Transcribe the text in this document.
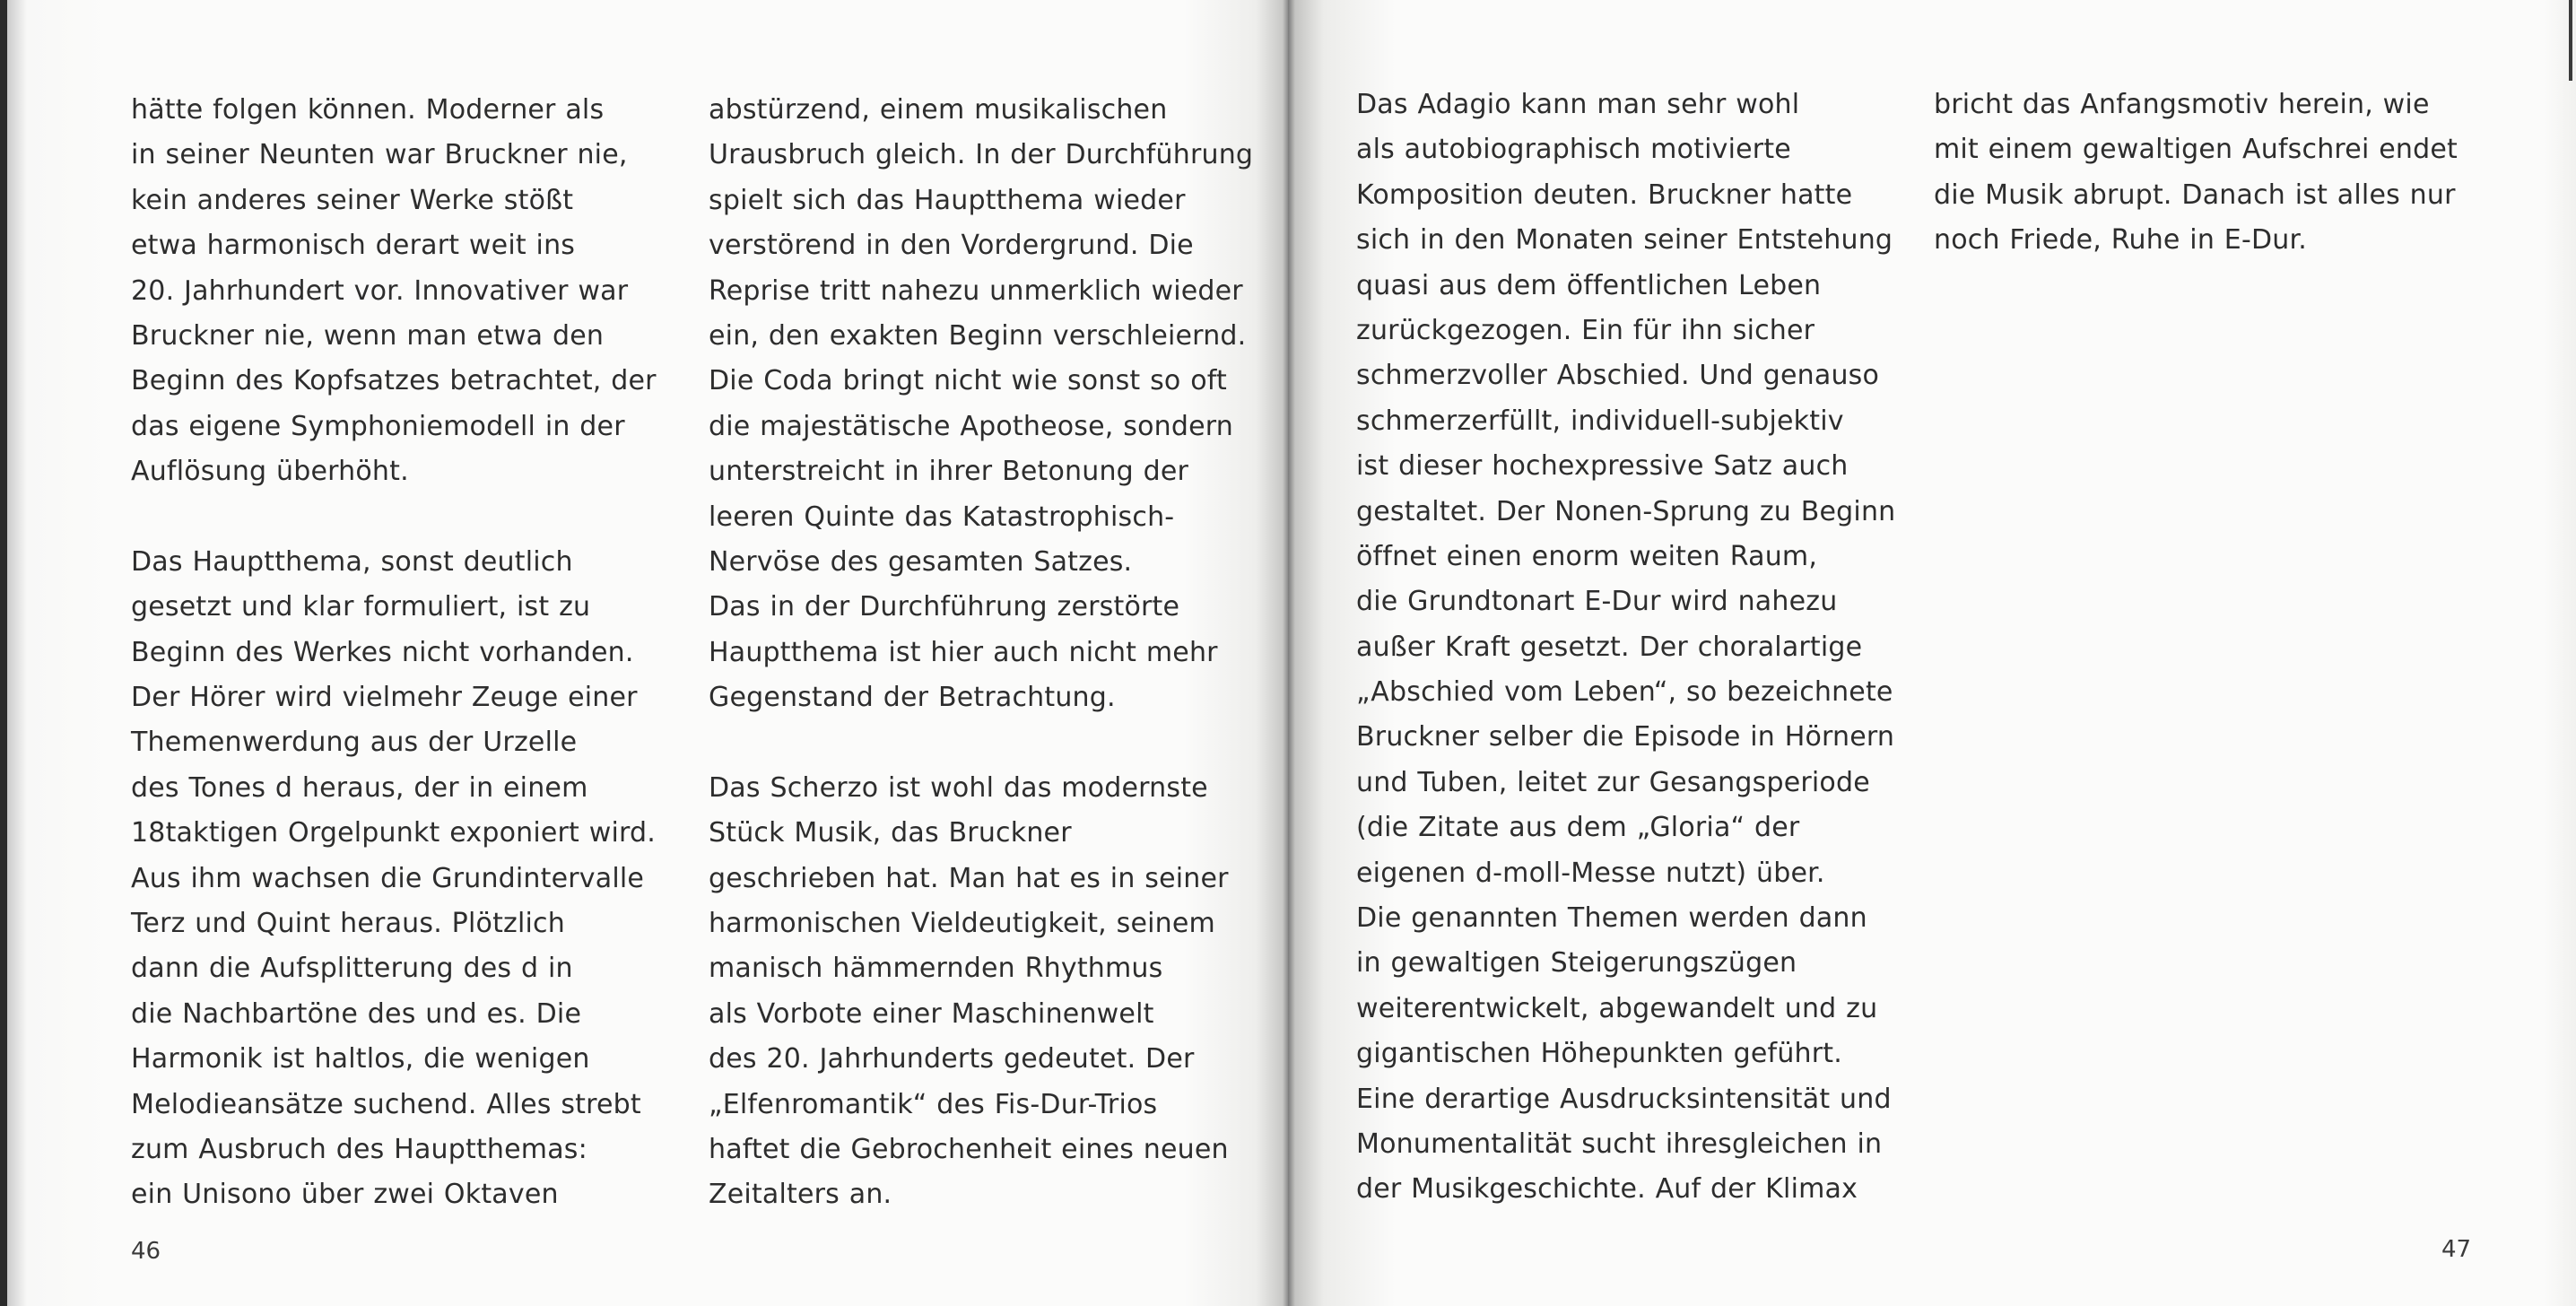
hätte folgen können. Moderner als
in seiner Neunten war Bruckner nie,
kein anderes seiner Werke stößt
etwa harmonisch derart weit ins
20. Jahrhundert vor. Innovativer war
Bruckner nie, wenn man etwa den
Beginn des Kopfsatzes betrachtet, der
das eigene Symphoniemodell in der
Auflösung überhöht.
Das Hauptthema, sonst deutlich
gesetzt und klar formuliert, ist zu
Beginn des Werkes nicht vorhanden.
Der Hörer wird vielmehr Zeuge einer
Themenwerdung aus der Urzelle
des Tones d heraus, der in einem
18taktigen Orgelpunkt exponiert wird.
Aus ihm wachsen die Grundintervalle
Terz und Quint heraus. Plötzlich
dann die Aufsplitterung des d in
die Nachbartöne des und es. Die
Harmonik ist haltlos, die wenigen
Melodieansätze suchend. Alles strebt
zum Ausbruch des Hauptthemas:
ein Unisono über zwei Oktaven
abstürzend, einem musikalischen
Urausbruch gleich. In der Durchführung
spielt sich das Hauptthema wieder
verstörend in den Vordergrund. Die
Reprise tritt nahezu unmerklich wieder
ein, den exakten Beginn verschleiernd.
Die Coda bringt nicht wie sonst so oft
die majestätische Apotheose, sondern
unterstreicht in ihrer Betonung der
leeren Quinte das Katastrophisch-
Nervöse des gesamten Satzes.
Das in der Durchführung zerstörte
Hauptthema ist hier auch nicht mehr
Gegenstand der Betrachtung.
Das Scherzo ist wohl das modernste
Stück Musik, das Bruckner
geschrieben hat. Man hat es in seiner
harmonischen Vieldeutigkeit, seinem
manisch hämmernden Rhythmus
als Vorbote einer Maschinenwelt
des 20. Jahrhunderts gedeutet. Der
„Elfenromantik“ des Fis-Dur-Trios
haftet die Gebrochenheit eines neuen
Zeitalters an.
46
Das Adagio kann man sehr wohl
als autobiographisch motivierte
Komposition deuten. Bruckner hatte
sich in den Monaten seiner Entstehung
quasi aus dem öffentlichen Leben
zurückgezogen. Ein für ihn sicher
schmerzvoller Abschied. Und genauso
schmerzerfüllt, individuell-subjektiv
ist dieser hochexpressive Satz auch
gestaltet. Der Nonen-Sprung zu Beginn
öffnet einen enorm weiten Raum,
die Grundtonart E-Dur wird nahezu
außer Kraft gesetzt. Der choralartige
„Abschied vom Leben“, so bezeichnete
Bruckner selber die Episode in Hörnern
und Tuben, leitet zur Gesangsperiode
(die Zitate aus dem „Gloria“ der
eigenen d-moll-Messe nutzt) über.
Die genannten Themen werden dann
in gewaltigen Steigerungszügen
weiterentwickelt, abgewandelt und zu
gigantischen Höhepunkten geführt.
Eine derartige Ausdrucksintensität und
Monumentalität sucht ihresgleichen in
der Musikgeschichte. Auf der Klimax
bricht das Anfangsmotiv herein, wie
mit einem gewaltigen Aufschrei endet
die Musik abrupt. Danach ist alles nur
noch Friede, Ruhe in E-Dur.
47
